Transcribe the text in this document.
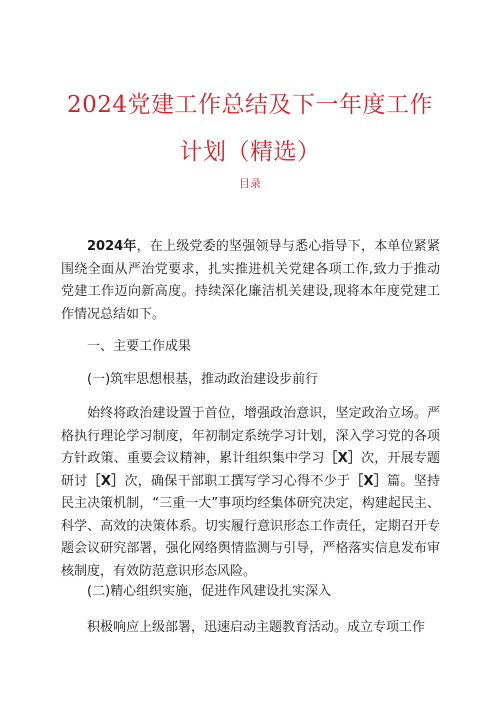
2024党建工作总结及下一年度工作
计划（精选）
目录

2024年，在上级党委的坚强领导与悉心指导下，本单位紧紧围绕全面从严治党要求，扎实推进机关党建各项工作,致力于推动党建工作迈向新高度。持续深化廉洁机关建设,现将本年度党建工作情况总结如下。

一、主要工作成果

(一)筑牢思想根基，推动政治建设步前行

始终将政治建设置于首位，增强政治意识，坚定政治立场。严格执行理论学习制度，年初制定系统学习计划，深入学习党的各项方针政策、重要会议精神，累计组织集中学习［X］次，开展专题研讨［X］次，确保干部职工撰写学习心得不少于［X］篇。坚持民主决策机制，“三重一大”事项均经集体研究决定，构建起民主、科学、高效的决策体系。切实履行意识形态工作责任，定期召开专题会议研究部署，强化网络舆情监测与引导，严格落实信息发布审核制度，有效防范意识形态风险。

(二)精心组织实施，促进作风建设扎实深入

积极响应上级部署，迅速启动主题教育活动。成立专项工作
